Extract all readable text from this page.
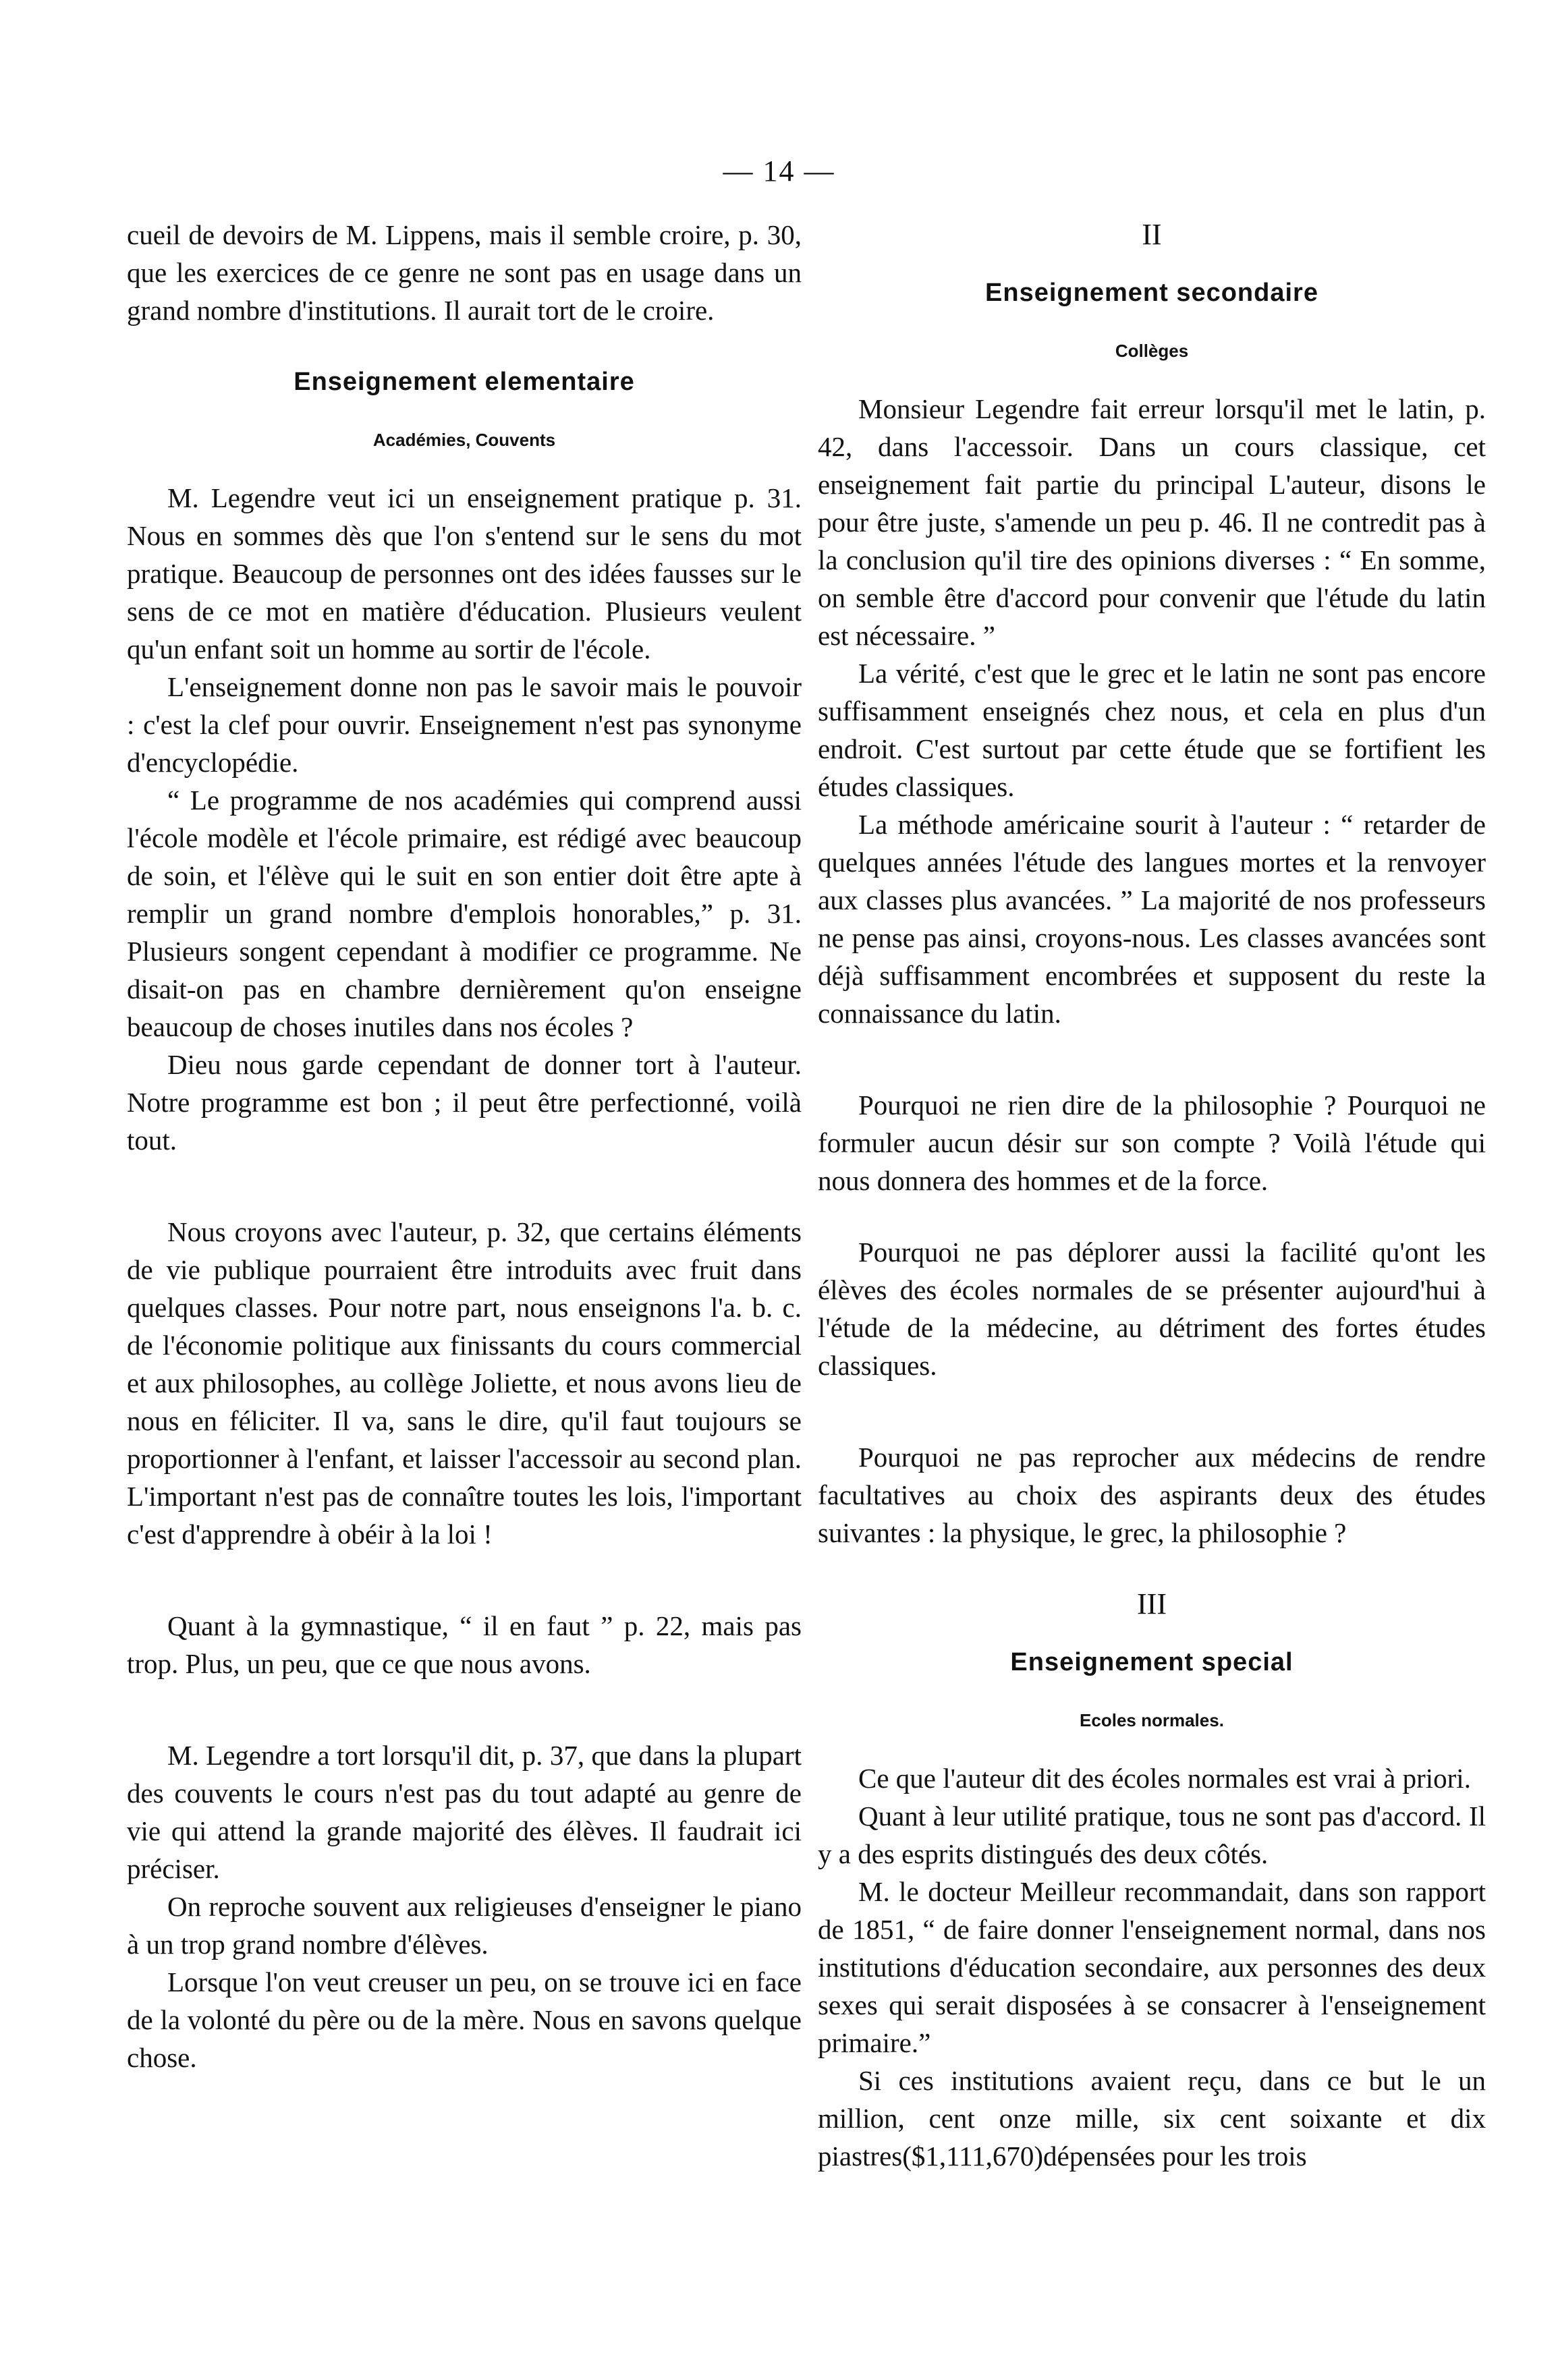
— 14 —

cueil de devoirs de M. Lippens, mais il semble croire, p. 30, que les exercices de ce genre ne sont pas en usage dans un grand nombre d'institutions. Il aurait tort de le croire.

Enseignement elementaire

Académies, Couvents

M. Legendre veut ici un enseignement pratique p. 31. Nous en sommes dès que l'on s'entend sur le sens du mot pratique. Beaucoup de personnes ont des idées fausses sur le sens de ce mot en matière d'éducation. Plusieurs veulent qu'un enfant soit un homme au sortir de l'école.

L'enseignement donne non pas le savoir mais le pouvoir : c'est la clef pour ouvrir. Enseignement n'est pas synonyme d'encyclopédie.

“ Le programme de nos académies qui comprend aussi l'école modèle et l'école primaire, est rédigé avec beaucoup de soin, et l'élève qui le suit en son entier doit être apte à remplir un grand nombre d'emplois honorables,” p. 31. Plusieurs songent cependant à modifier ce programme. Ne disait-on pas en chambre dernièrement qu'on enseigne beaucoup de choses inutiles dans nos écoles ?

Dieu nous garde cependant de donner tort à l'auteur. Notre programme est bon ; il peut être perfectionné, voilà tout.

Nous croyons avec l'auteur, p. 32, que certains éléments de vie publique pourraient être introduits avec fruit dans quelques classes. Pour notre part, nous enseignons l'a. b. c. de l'économie politique aux finissants du cours commercial et aux philosophes, au collège Joliette, et nous avons lieu de nous en féliciter. Il va, sans le dire, qu'il faut toujours se proportionner à l'enfant, et laisser l'accessoir au second plan. L'important n'est pas de connaître toutes les lois, l'important c'est d'apprendre à obéir à la loi !

Quant à la gymnastique, “ il en faut ” p. 22, mais pas trop. Plus, un peu, que ce que nous avons.

M. Legendre a tort lorsqu'il dit, p. 37, que dans la plupart des couvents le cours n'est pas du tout adapté au genre de vie qui attend la grande majorité des élèves. Il faudrait ici préciser.

On reproche souvent aux religieuses d'enseigner le piano à un trop grand nombre d'élèves.

Lorsque l'on veut creuser un peu, on se trouve ici en face de la volonté du père ou de la mère. Nous en savons quelque chose.

II

Enseignement secondaire

Collèges

Monsieur Legendre fait erreur lorsqu'il met le latin, p. 42, dans l'accessoir. Dans un cours classique, cet enseignement fait partie du principal L'auteur, disons le pour être juste, s'amende un peu p. 46. Il ne contredit pas à la conclusion qu'il tire des opinions diverses : “ En somme, on semble être d'accord pour convenir que l'étude du latin est nécessaire. ”

La vérité, c'est que le grec et le latin ne sont pas encore suffisamment enseignés chez nous, et cela en plus d'un endroit. C'est surtout par cette étude que se fortifient les études classiques.

La méthode américaine sourit à l'auteur : “ retarder de quelques années l'étude des langues mortes et la renvoyer aux classes plus avancées. ” La majorité de nos professeurs ne pense pas ainsi, croyons-nous. Les classes avancées sont déjà suffisamment encombrées et supposent du reste la connaissance du latin.

Pourquoi ne rien dire de la philosophie ? Pourquoi ne formuler aucun désir sur son compte ? Voilà l'étude qui nous donnera des hommes et de la force.

Pourquoi ne pas déplorer aussi la facilité qu'ont les élèves des écoles normales de se présenter aujourd'hui à l'étude de la médecine, au détriment des fortes études classiques.

Pourquoi ne pas reprocher aux médecins de rendre facultatives au choix des aspirants deux des études suivantes : la physique, le grec, la philosophie ?

III

Enseignement special

Ecoles normales.

Ce que l'auteur dit des écoles normales est vrai à priori.

Quant à leur utilité pratique, tous ne sont pas d'accord. Il y a des esprits distingués des deux côtés.

M. le docteur Meilleur recommandait, dans son rapport de 1851, “ de faire donner l'enseignement normal, dans nos institutions d'éducation secondaire, aux personnes des deux sexes qui serait disposées à se consacrer à l'enseignement primaire.”

Si ces institutions avaient reçu, dans ce but le un million, cent onze mille, six cent soixante et dix piastres($1,111,670)dépensées pour les trois
